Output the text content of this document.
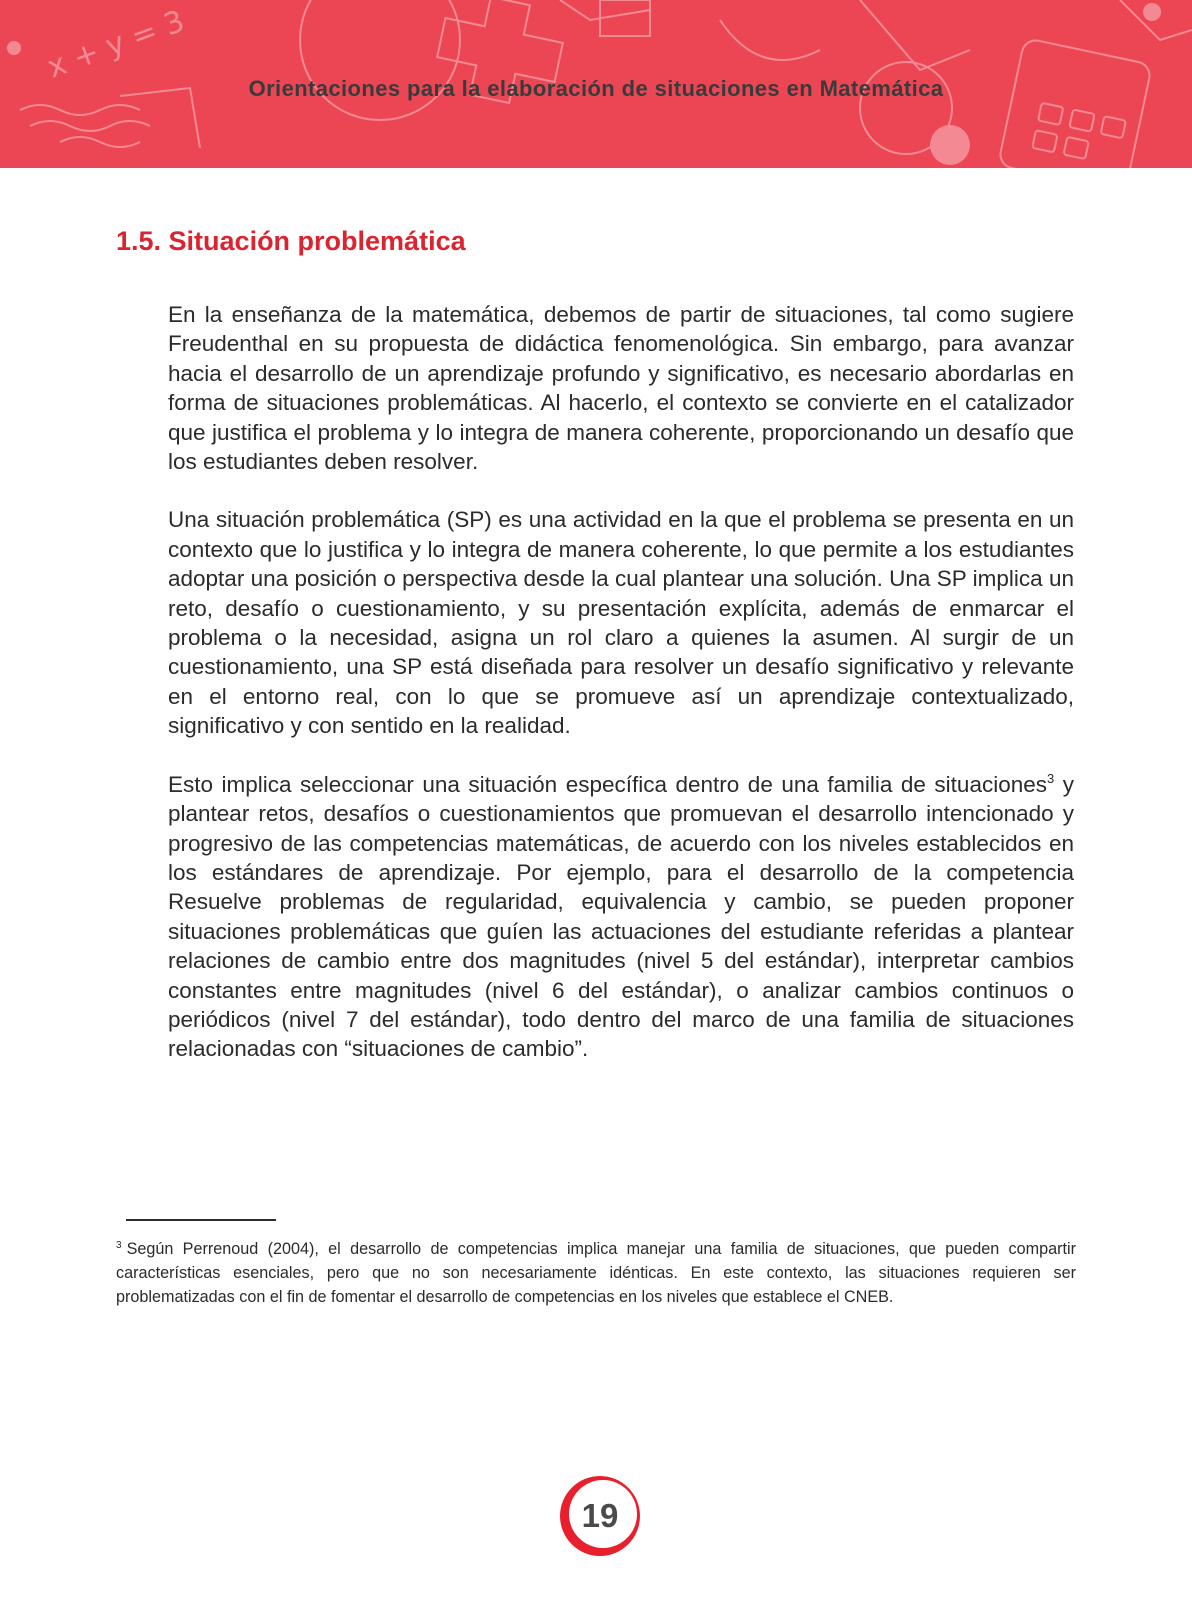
x + y = 3
Orientaciones para la elaboración de situaciones en Matemática
1.5. Situación problemática

En la enseñanza de la matemática, debemos de partir de situaciones, tal como sugiere Freudenthal en su propuesta de didáctica fenomenológica. Sin embargo, para avanzar hacia el desarrollo de un aprendizaje profundo y significativo, es necesario abordarlas en forma de situaciones problemáticas. Al hacerlo, el contexto se convierte en el catalizador que justifica el problema y lo integra de manera coherente, proporcionando un desafío que los estudiantes deben resolver.

Una situación problemática (SP) es una actividad en la que el problema se presenta en un contexto que lo justifica y lo integra de manera coherente, lo que permite a los estudiantes adoptar una posición o perspectiva desde la cual plantear una solución. Una SP implica un reto, desafío o cuestionamiento, y su presentación explícita, además de enmarcar el problema o la necesidad, asigna un rol claro a quienes la asumen. Al surgir de un cuestionamiento, una SP está diseñada para resolver un desafío significativo y relevante en el entorno real, con lo que se promueve así un aprendizaje contextualizado, significativo y con sentido en la realidad.

Esto implica seleccionar una situación específica dentro de una familia de situaciones$^3$ y plantear retos, desafíos o cuestionamientos que promuevan el desarrollo intencionado y progresivo de las competencias matemáticas, de acuerdo con los niveles establecidos en los estándares de aprendizaje. Por ejemplo, para el desarrollo de la competencia Resuelve problemas de regularidad, equivalencia y cambio, se pueden proponer situaciones problemáticas que guíen las actuaciones del estudiante referidas a plantear relaciones de cambio entre dos magnitudes (nivel 5 del estándar), interpretar cambios constantes entre magnitudes (nivel 6 del estándar), o analizar cambios continuos o periódicos (nivel 7 del estándar), todo dentro del marco de una familia de situaciones relacionadas con “situaciones de cambio”.

$^3$ Según Perrenoud (2004), el desarrollo de competencias implica manejar una familia de situaciones, que pueden compartir características esenciales, pero que no son necesariamente idénticas. En este contexto, las situaciones requieren ser problematizadas con el fin de fomentar el desarrollo de competencias en los niveles que establece el CNEB.
19
